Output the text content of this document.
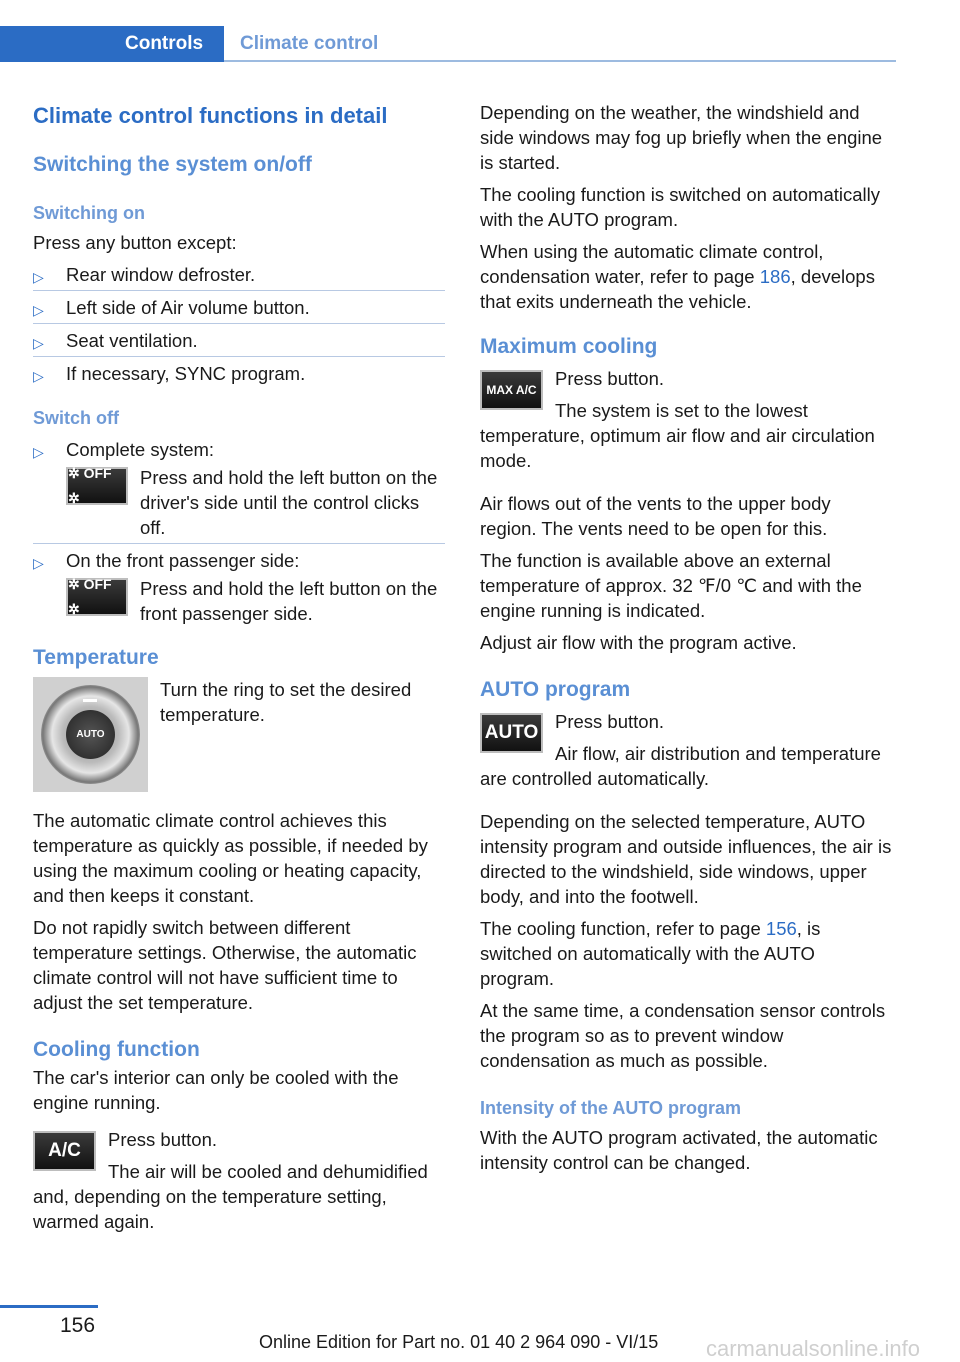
Controls	Climate control
Climate control functions in detail
Switching the system on/off
Switching on

Press any button except:

▷ Rear window defroster.
▷ Left side of Air volume button.
▷ Seat ventilation.
▷ If necessary, SYNC program.
Switch off
▷ Complete system:
✲ OFF ✲
Press and hold the left button on the driver's side until the control clicks off.
▷ On the front passenger side:
✲ OFF ✲
Press and hold the left button on the front passenger side.
Temperature
AUTO

Turn the ring to set the desired temperature.

The automatic climate control achieves this temperature as quickly as possible, if needed by using the maximum cooling or heating capacity, and then keeps it constant.

Do not rapidly switch between different temperature settings. Otherwise, the automatic climate control will not have sufficient time to adjust the set temperature.

Cooling function

The car's interior can only be cooled with the engine running.

A/C

Press button.

The air will be cooled and dehumidified and, depending on the temperature setting, warmed again.

Depending on the weather, the windshield and side windows may fog up briefly when the engine is started.

The cooling function is switched on automatically with the AUTO program.

When using the automatic climate control, condensation water, refer to page 186, develops that exits underneath the vehicle.

Maximum cooling
MAX A/C

Press button.

The system is set to the lowest temperature, optimum air flow and air circulation mode.

Air flows out of the vents to the upper body region. The vents need to be open for this.

The function is available above an external temperature of approx. 32 ℉/0 ℃ and with the engine running is indicated.

Adjust air flow with the program active.

AUTO program
AUTO

Press button.

Air flow, air distribution and temperature are controlled automatically.

Depending on the selected temperature, AUTO intensity program and outside influences, the air is directed to the windshield, side windows, upper body, and into the footwell.

The cooling function, refer to page 156, is switched on automatically with the AUTO program.

At the same time, a condensation sensor controls the program so as to prevent window condensation as much as possible.

Intensity of the AUTO program

With the AUTO program activated, the automatic intensity control can be changed.

156
Online Edition for Part no. 01 40 2 964 090 - VI/15 carmanualsonline.info
